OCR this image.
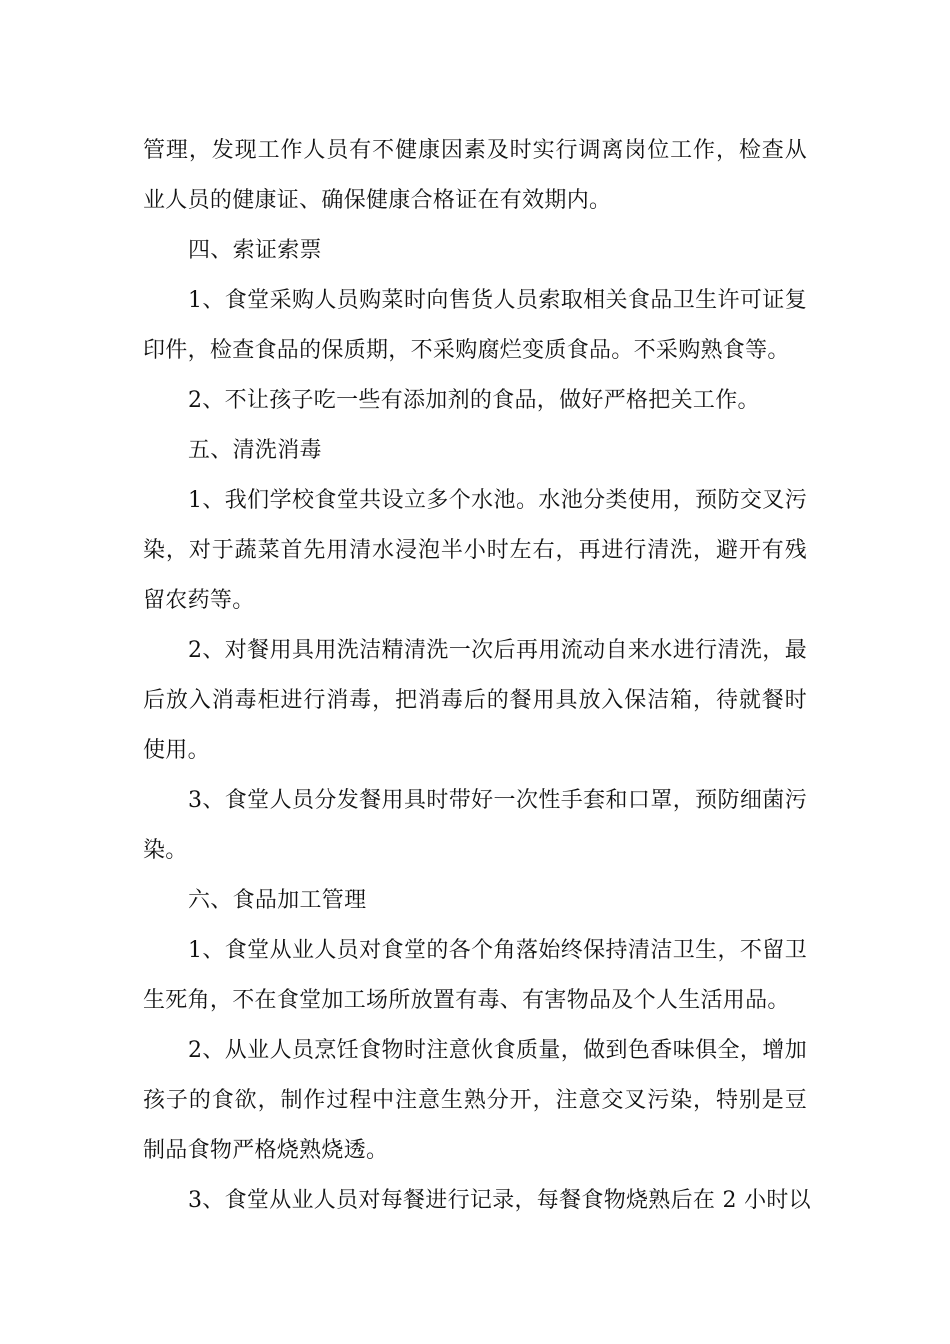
管理，发现工作人员有不健康因素及时实行调离岗位工作，检查从
业人员的健康证、确保健康合格证在有效期内。
四、索证索票
1、食堂采购人员购菜时向售货人员索取相关食品卫生许可证复
印件，检查食品的保质期，不采购腐烂变质食品。不采购熟食等。
2、不让孩子吃一些有添加剂的食品，做好严格把关工作。
五、清洗消毒
1、我们学校食堂共设立多个水池。水池分类使用，预防交叉污
染，对于蔬菜首先用清水浸泡半小时左右，再进行清洗，避开有残
留农药等。
2、对餐用具用洗洁精清洗一次后再用流动自来水进行清洗，最
后放入消毒柜进行消毒，把消毒后的餐用具放入保洁箱，待就餐时
使用。
3、食堂人员分发餐用具时带好一次性手套和口罩，预防细菌污
染。
六、食品加工管理
1、食堂从业人员对食堂的各个角落始终保持清洁卫生，不留卫
生死角，不在食堂加工场所放置有毒、有害物品及个人生活用品。
2、从业人员烹饪食物时注意伙食质量，做到色香味俱全，增加
孩子的食欲，制作过程中注意生熟分开，注意交叉污染，特别是豆
制品食物严格烧熟烧透。
3、食堂从业人员对每餐进行记录，每餐食物烧熟后在 2 小时以
